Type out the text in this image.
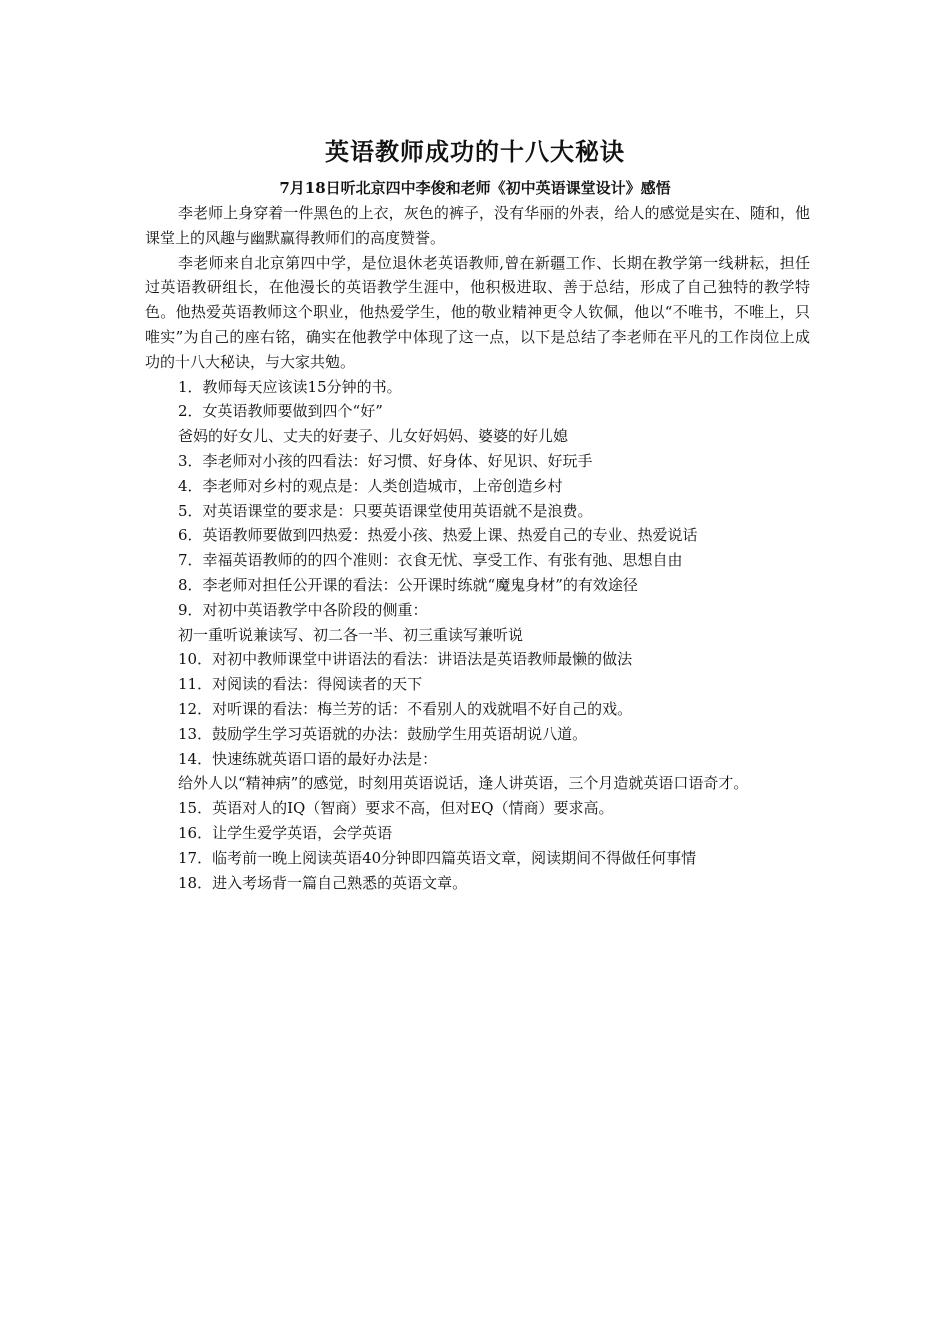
英语教师成功的十八大秘诀
7月18日听北京四中李俊和老师《初中英语课堂设计》感悟

李老师上身穿着一件黑色的上衣，灰色的裤子，没有华丽的外表，给人的感觉是实在、随和，他课堂上的风趣与幽默赢得教师们的高度赞誉。

李老师来自北京第四中学，是位退休老英语教师,曾在新疆工作、长期在教学第一线耕耘，担任过英语教研组长，在他漫长的英语教学生涯中，他积极进取、善于总结，形成了自己独特的教学特色。他热爱英语教师这个职业，他热爱学生，他的敬业精神更令人钦佩，他以“不唯书，不唯上，只唯实”为自己的座右铭，确实在他教学中体现了这一点，以下是总结了李老师在平凡的工作岗位上成功的十八大秘诀，与大家共勉。

1．教师每天应该读15分钟的书。

2．女英语教师要做到四个“好”

爸妈的好女儿、丈夫的好妻子、儿女好妈妈、婆婆的好儿媳

3．李老师对小孩的四看法：好习惯、好身体、好见识、好玩手

4．李老师对乡村的观点是：人类创造城市，上帝创造乡村

5．对英语课堂的要求是：只要英语课堂使用英语就不是浪费。

6．英语教师要做到四热爱：热爱小孩、热爱上课、热爱自己的专业、热爱说话

7．幸福英语教师的的四个准则：衣食无忧、享受工作、有张有弛、思想自由

8．李老师对担任公开课的看法：公开课时练就“魔鬼身材”的有效途径

9．对初中英语教学中各阶段的侧重：

初一重听说兼读写、初二各一半、初三重读写兼听说

10．对初中教师课堂中讲语法的看法：讲语法是英语教师最懒的做法

11．对阅读的看法：得阅读者的天下

12．对听课的看法：梅兰芳的话：不看别人的戏就唱不好自己的戏。

13．鼓励学生学习英语就的办法：鼓励学生用英语胡说八道。

14．快速练就英语口语的最好办法是：

给外人以“精神病”的感觉，时刻用英语说话，逢人讲英语，三个月造就英语口语奇才。

15．英语对人的IQ（智商）要求不高，但对EQ（情商）要求高。

16．让学生爱学英语，会学英语

17．临考前一晚上阅读英语40分钟即四篇英语文章，阅读期间不得做任何事情

18．进入考场背一篇自己熟悉的英语文章。
